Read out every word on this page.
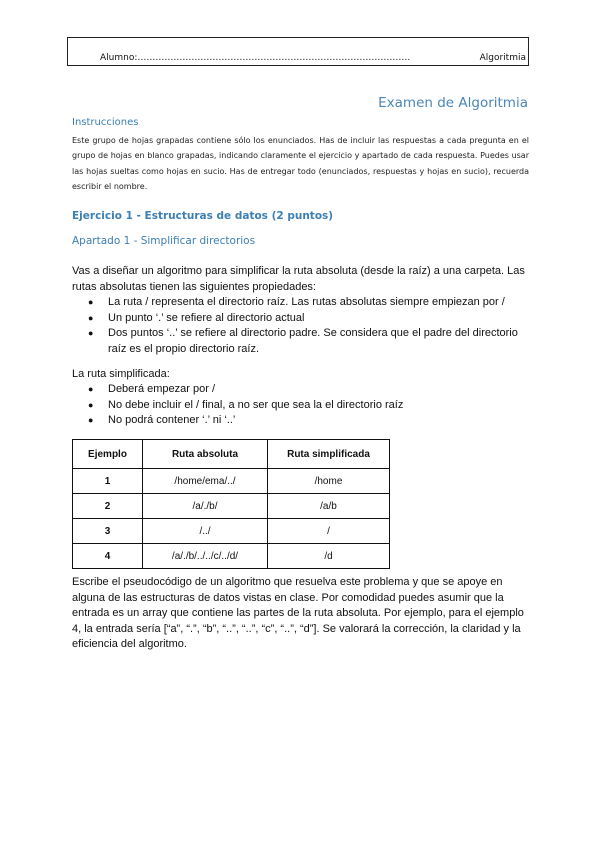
Alumno:……………………………………………………………………………….	Algoritmia
Examen de Algoritmia
Instrucciones

Este grupo de hojas grapadas contiene sólo los enunciados. Has de incluir las respuestas a cada pregunta en el grupo de hojas en blanco grapadas, indicando claramente el ejercicio y apartado de cada respuesta. Puedes usar las hojas sueltas como hojas en sucio. Has de entregar todo (enunciados, respuestas y hojas en sucio), recuerda escribir el nombre.

Ejercicio 1 - Estructuras de datos (2 puntos)
Apartado 1 - Simplificar directorios

Vas a diseñar un algoritmo para simplificar la ruta absoluta (desde la raíz) a una carpeta. Las rutas absolutas tienen las siguientes propiedades:

● La ruta / representa el directorio raíz. Las rutas absolutas siempre empiezan por /
● Un punto ‘.’ se refiere al directorio actual
● Dos puntos ‘..’ se refiere al directorio padre. Se considera que el padre del directorio raíz es el propio directorio raíz.

La ruta simplificada:

● Deberá empezar por /
● No debe incluir el / final, a no ser que sea la el directorio raíz
● No podrá contener ‘.’ ni ‘..’
Ejemplo	Ruta absoluta	Ruta simplificada
1	/home/ema/../	/home
2	/a/./b/	/a/b
3	/../	/
4	/a/./b/../../c/../d/	/d

Escribe el pseudocódigo de un algoritmo que resuelva este problema y que se apoye en alguna de las estructuras de datos vistas en clase. Por comodidad puedes asumir que la entrada es un array que contiene las partes de la ruta absoluta. Por ejemplo, para el ejemplo 4, la entrada sería [“a”, “.”, “b”, “..”, “..”, “c”, “..”, “d”]. Se valorará la corrección, la claridad y la eficiencia del algoritmo.
